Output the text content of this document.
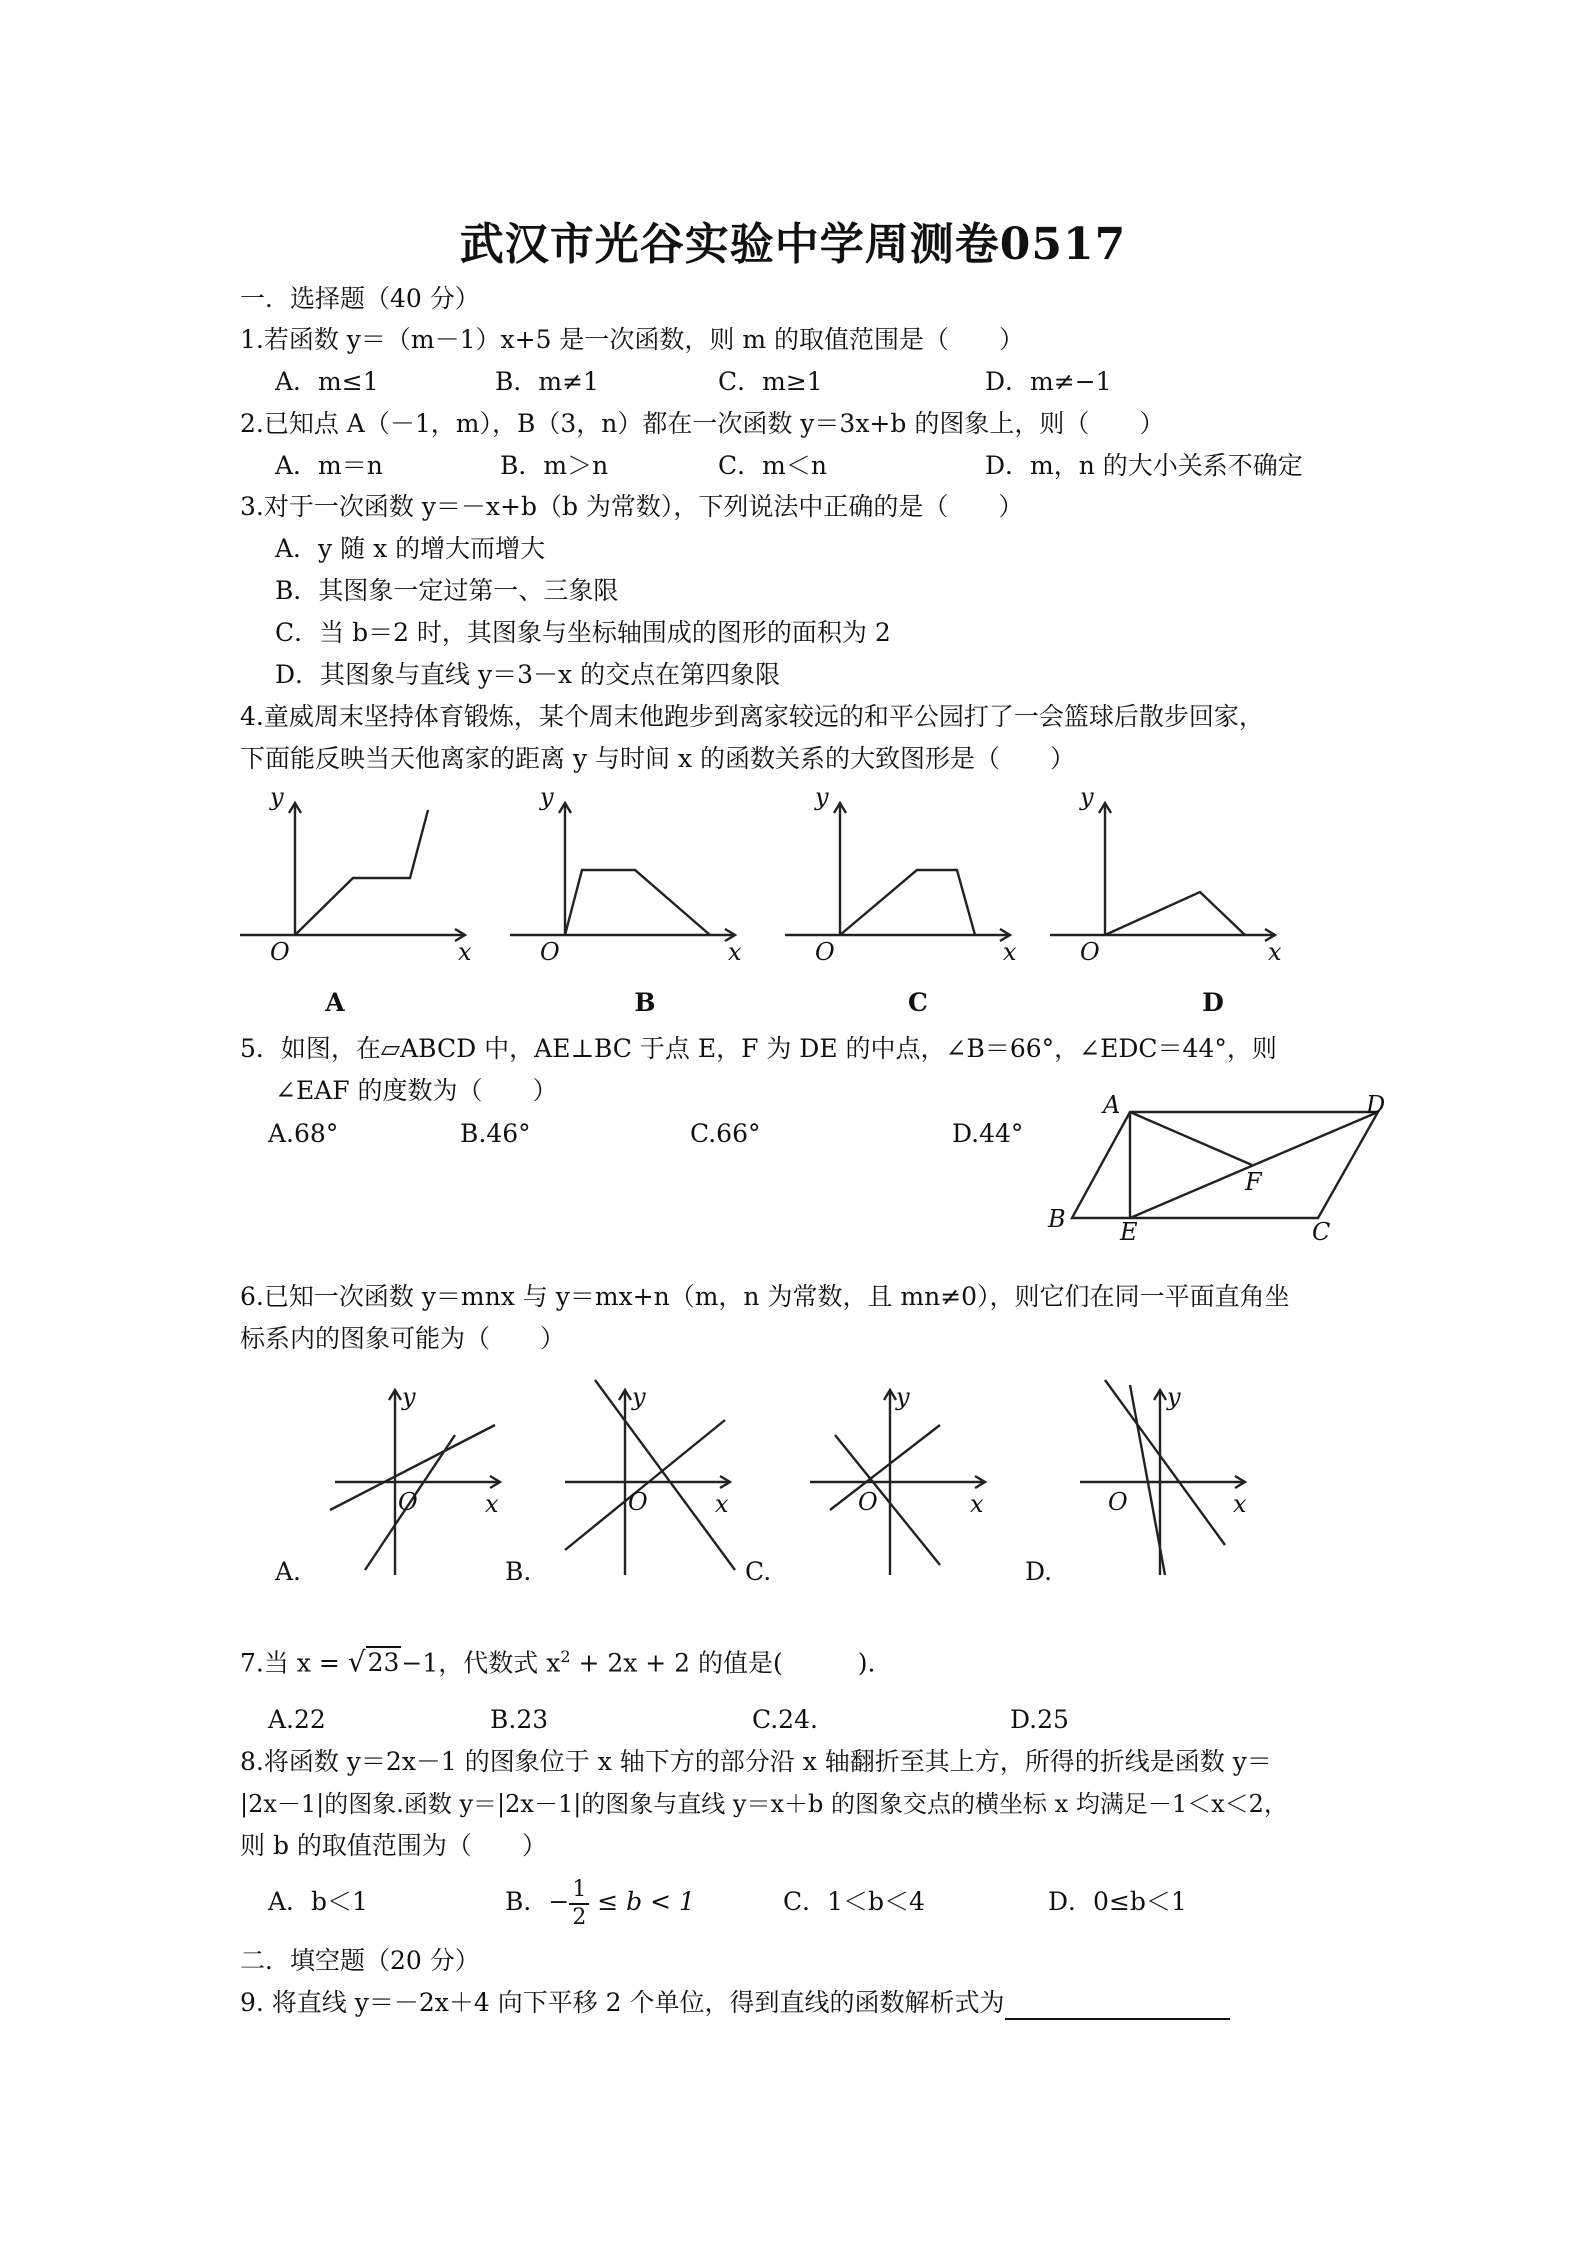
武汉市光谷实验中学周测卷0517
一．选择题（40 分）
1.若函数 y＝（m－1）x+5 是一次函数，则 m 的取值范围是（　　）
A．m≤1	B．m≠1	C．m≥1	D．m≠−1
2.已知点 A（－1，m），B（3，n）都在一次函数 y＝3x+b 的图象上，则（　　）
A．m＝n	B．m＞n	C．m＜n	D．m，n 的大小关系不确定
3.对于一次函数 y＝－x+b（b 为常数），下列说法中正确的是（　　）
A．y 随 x 的增大而增大
B．其图象一定过第一、三象限
C．当 b＝2 时，其图象与坐标轴围成的图形的面积为 2
D．其图象与直线 y＝3－x 的交点在第四象限
4.童威周末坚持体育锻炼，某个周末他跑步到离家较远的和平公园打了一会篮球后散步回家，
下面能反映当天他离家的距离 y 与时间 x 的函数关系的大致图形是（　　）
y
x
O
y
x
O
y
x
O
y
x
O
A	B	C	D
5．如图，在▱ABCD 中，AE⊥BC 于点 E，F 为 DE 的中点，∠B＝66°，∠EDC＝44°，则
∠EAF 的度数为（　　）
A.68°	B.46°	C.66°	D.44°
A	D
F
B E	C
6.已知一次函数 y＝mnx 与 y＝mx+n（m，n 为常数，且 mn≠0），则它们在同一平面直角坐
标系内的图象可能为（　　）
y
x
O
y
x
O
y
x
O
y
x
O
A.	B.	C.	D.
7.当 x = √23−1，代数式 $x^2 + 2x + 2$ 的值是(　　　).
A.22	B.23	C.24.	D.25
8.将函数 y＝2x－1 的图象位于 x 轴下方的部分沿 x 轴翻折至其上方，所得的折线是函数 y＝
|2x－1|的图象.函数 y＝|2x－1|的图象与直线 y＝x＋b 的图象交点的横坐标 x 均满足－1＜x＜2，
则 b 的取值范围为（　　）
A．b＜1	B．− $\frac{1}{2} \le b < 1$	C．1＜b＜4	D．0≤b＜1
二．填空题（20 分）
9. 将直线 y＝－2x＋4 向下平移 2 个单位，得到直线的函数解析式为
